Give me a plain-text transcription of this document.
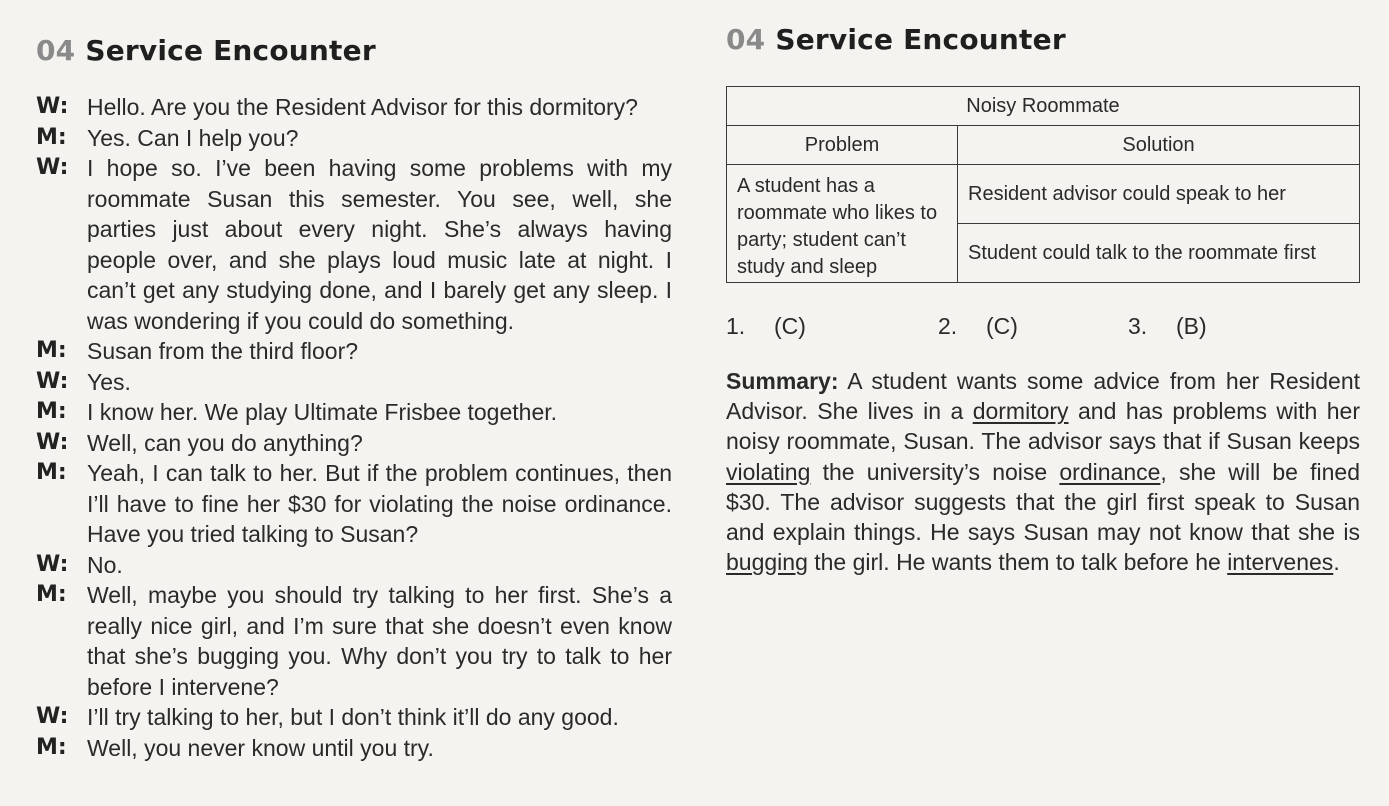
04 Service Encounter
W: Hello. Are you the Resident Advisor for this dormitory?
M: Yes. Can I help you?
W: I hope so. I’ve been having some problems with my roommate Susan this semester. You see, well, she parties just about every night. She’s always having people over, and she plays loud music late at night. I can’t get any studying done, and I barely get any sleep. I was wondering if you could do something.
M: Susan from the third floor?
W: Yes.
M: I know her. We play Ultimate Frisbee together.
W: Well, can you do anything?
M: Yeah, I can talk to her. But if the problem continues, then I’ll have to fine her $30 for violating the noise ordinance. Have you tried talking to Susan?
W: No.
M: Well, maybe you should try talking to her first. She’s a really nice girl, and I’m sure that she doesn’t even know that she’s bugging you. Why don’t you try to talk to her before I intervene?
W: I’ll try talking to her, but I don’t think it’ll do any good.
M: Well, you never know until you try.
04 Service Encounter
Noisy Roommate	
Problem	Solution
A student has a roommate who likes to party; student can’t study and sleep	Resident advisor could speak to her
	Student could talk to the roommate first
1. (C)	2. (C)	3. (B)

Summary: A student wants some advice from her Resident Advisor. She lives in a dormitory and has problems with her noisy roommate, Susan. The advisor says that if Susan keeps violating the university’s noise ordinance, she will be fined $30. The advisor suggests that the girl first speak to Susan and explain things. He says Susan may not know that she is bugging the girl. He wants them to talk before he intervenes.
